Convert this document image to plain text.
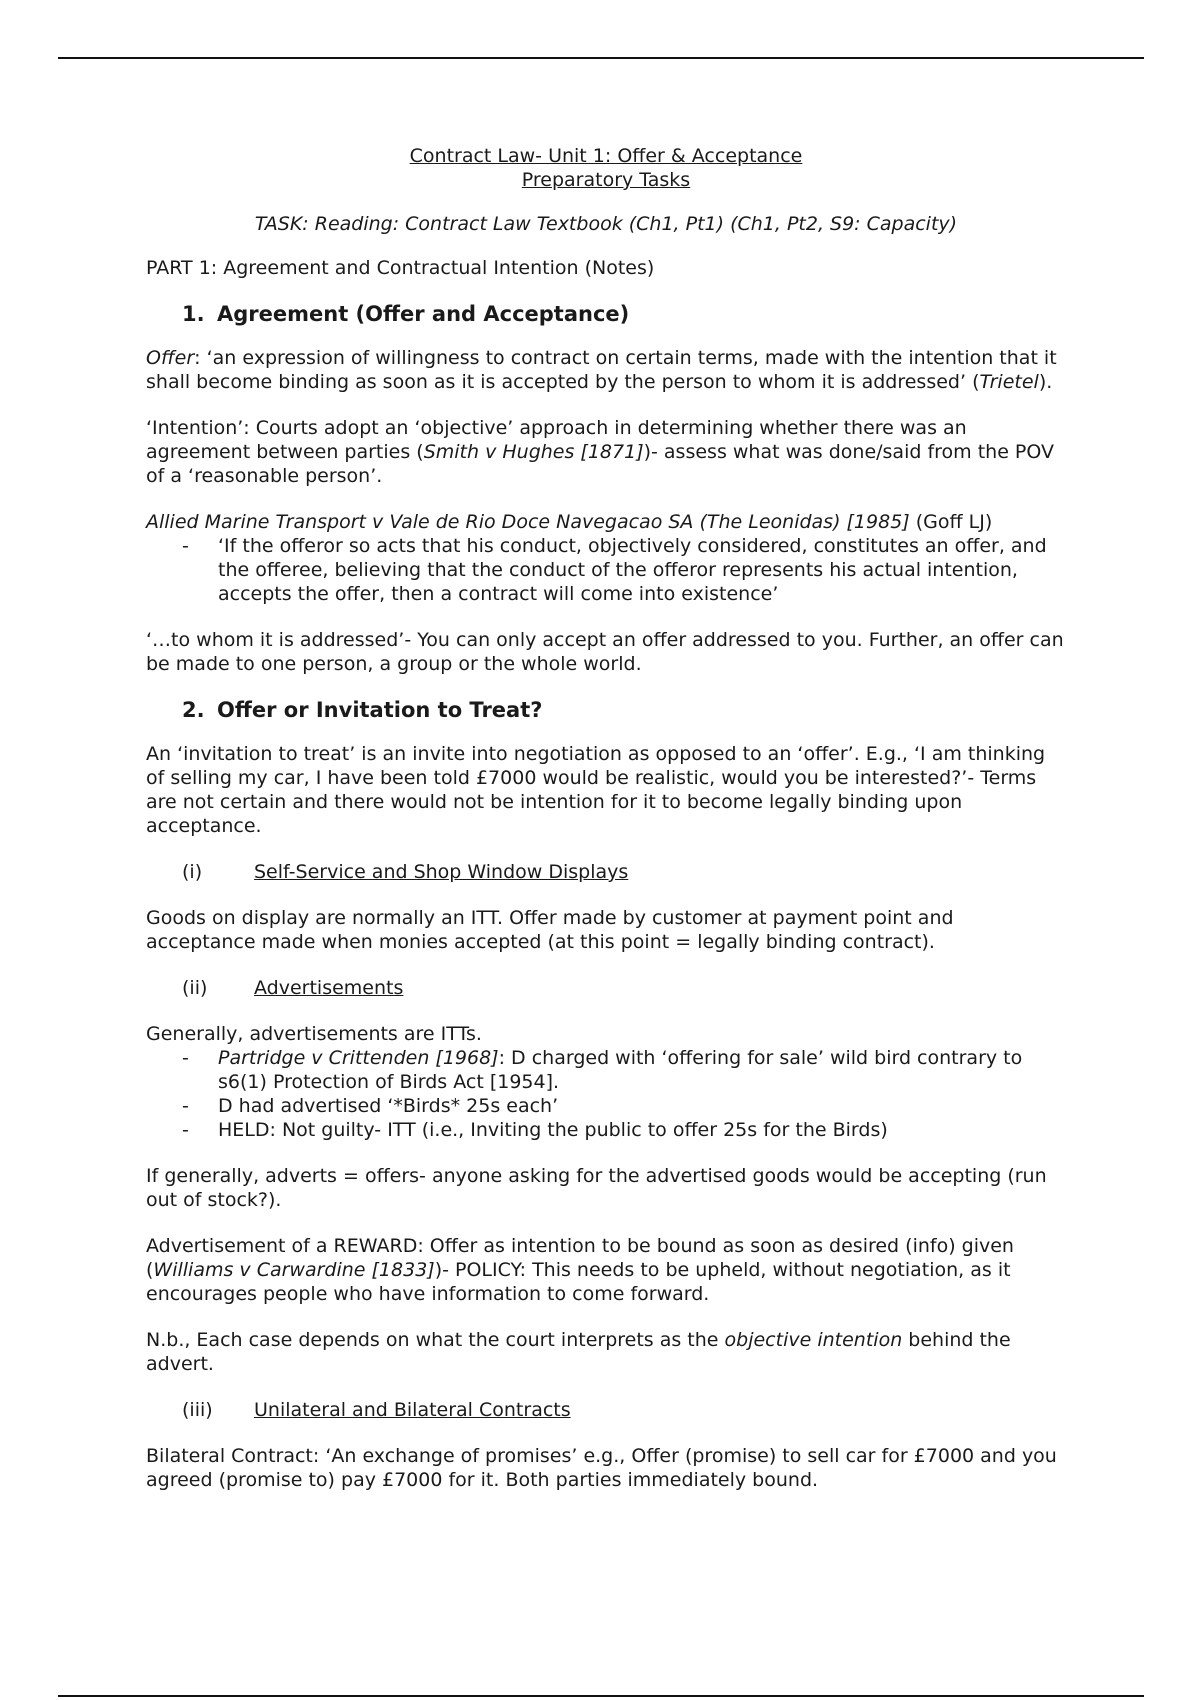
Contract Law- Unit 1: Offer & Acceptance

Preparatory Tasks

TASK: Reading: Contract Law Textbook (Ch1, Pt1) (Ch1, Pt2, S9: Capacity)

PART 1: Agreement and Contractual Intention (Notes)

1. Agreement (Offer and Acceptance)

Offer: ‘an expression of willingness to contract on certain terms, made with the intention that it shall become binding as soon as it is accepted by the person to whom it is addressed’ (Trietel).

‘Intention’: Courts adopt an ‘objective’ approach in determining whether there was an agreement between parties (Smith v Hughes [1871])- assess what was done/said from the POV of a ‘reasonable person’.

Allied Marine Transport v Vale de Rio Doce Navegacao SA (The Leonidas) [1985] (Goff LJ)

- ‘If the offeror so acts that his conduct, objectively considered, constitutes an offer, and the offeree, believing that the conduct of the offeror represents his actual intention, accepts the offer, then a contract will come into existence’

‘…to whom it is addressed’- You can only accept an offer addressed to you. Further, an offer can be made to one person, a group or the whole world.

2. Offer or Invitation to Treat?

An ‘invitation to treat’ is an invite into negotiation as opposed to an ‘offer’. E.g., ‘I am thinking of selling my car, I have been told £7000 would be realistic, would you be interested?’- Terms are not certain and there would not be intention for it to become legally binding upon acceptance.

(i)	Self-Service and Shop Window Displays

Goods on display are normally an ITT. Offer made by customer at payment point and acceptance made when monies accepted (at this point = legally binding contract).

(ii) Advertisements

Generally, advertisements are ITTs.

- Partridge v Crittenden [1968]: D charged with ‘offering for sale’ wild bird contrary to s6(1) Protection of Birds Act [1954].
- D had advertised ‘*Birds* 25s each’
- HELD: Not guilty- ITT (i.e., Inviting the public to offer 25s for the Birds)

If generally, adverts = offers- anyone asking for the advertised goods would be accepting (run out of stock?).

Advertisement of a REWARD: Offer as intention to be bound as soon as desired (info) given (Williams v Carwardine [1833])- POLICY: This needs to be upheld, without negotiation, as it encourages people who have information to come forward.

N.b., Each case depends on what the court interprets as the objective intention behind the advert.

(iii) Unilateral and Bilateral Contracts

Bilateral Contract: ‘An exchange of promises’ e.g., Offer (promise) to sell car for £7000 and you agreed (promise to) pay £7000 for it. Both parties immediately bound.
